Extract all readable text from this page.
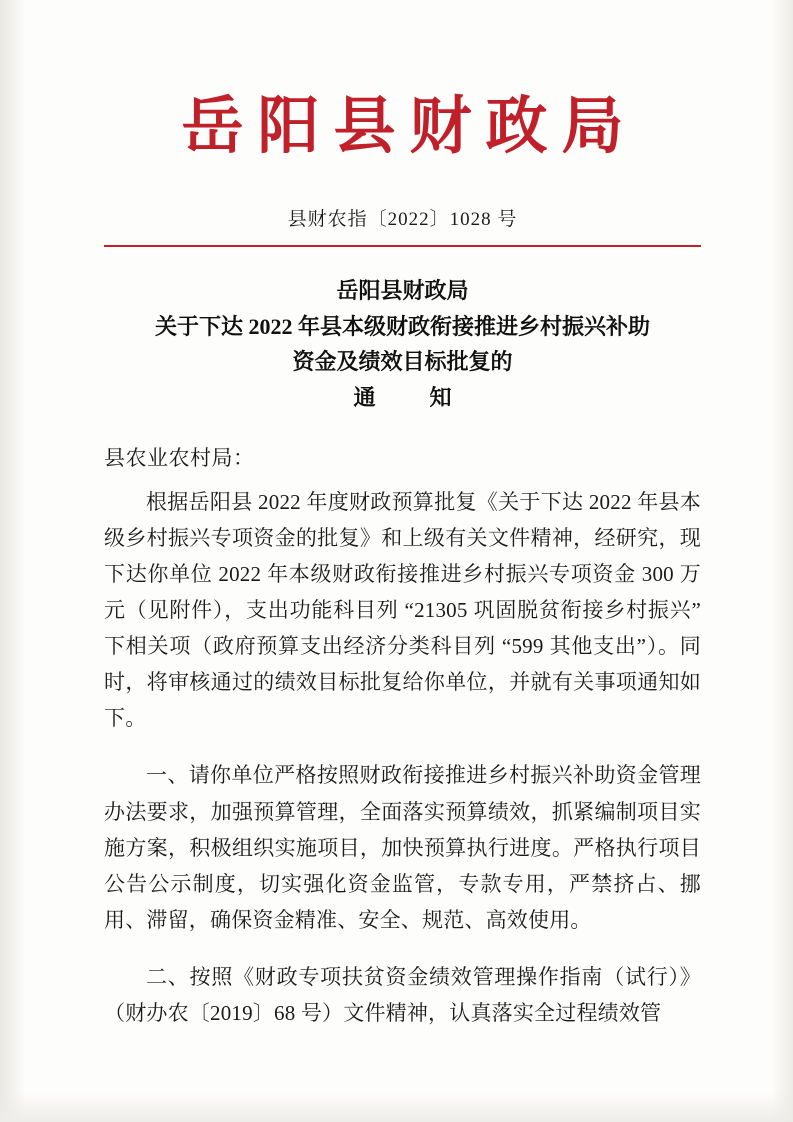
岳阳县财政局
县财农指〔2022〕1028 号
岳阳县财政局
关于下达 2022 年县本级财政衔接推进乡村振兴补助
资金及绩效目标批复的
通　知
县农业农村局：

根据岳阳县 2022 年度财政预算批复《关于下达 2022 年县本级乡村振兴专项资金的批复》和上级有关文件精神，经研究，现下达你单位 2022 年本级财政衔接推进乡村振兴专项资金 300 万元（见附件），支出功能科目列 “21305 巩固脱贫衔接乡村振兴” 下相关项（政府预算支出经济分类科目列 “599 其他支出”）。同时，将审核通过的绩效目标批复给你单位，并就有关事项通知如下。

一、请你单位严格按照财政衔接推进乡村振兴补助资金管理办法要求，加强预算管理，全面落实预算绩效，抓紧编制项目实施方案，积极组织实施项目，加快预算执行进度。严格执行项目公告公示制度，切实强化资金监管，专款专用，严禁挤占、挪用、滞留，确保资金精准、安全、规范、高效使用。

二、按照《财政专项扶贫资金绩效管理操作指南（试行）》（财办农〔2019〕68 号）文件精神，认真落实全过程绩效管
